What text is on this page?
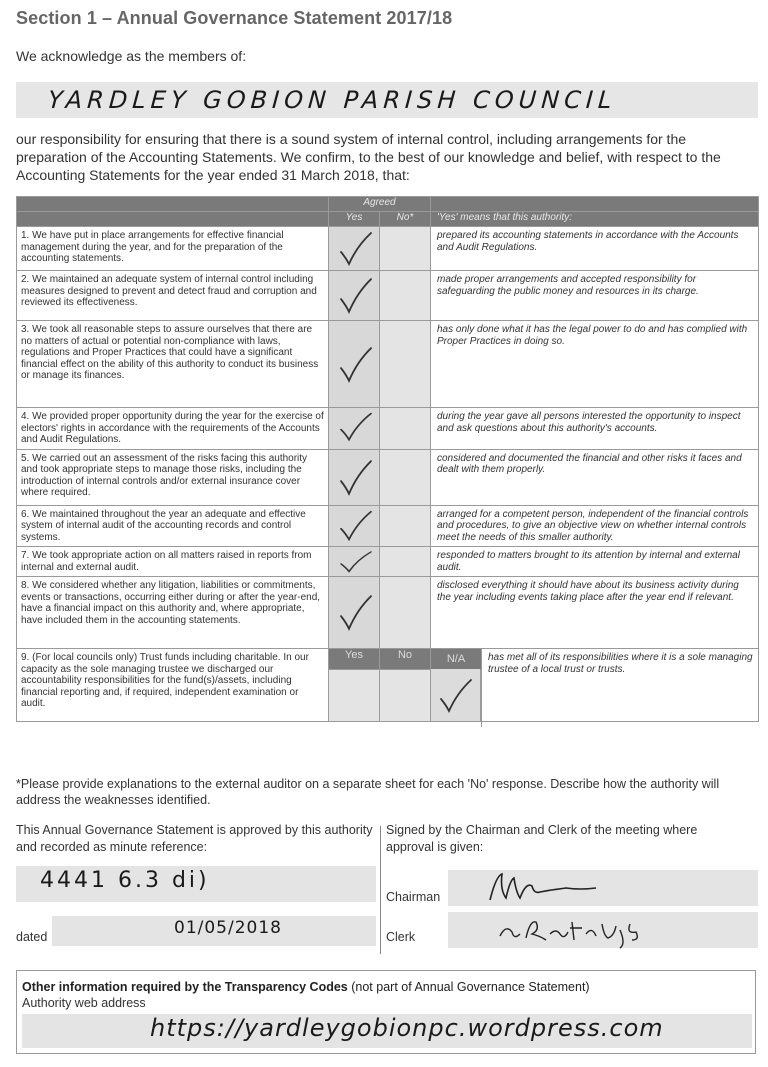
Section 1 – Annual Governance Statement 2017/18
We acknowledge as the members of:
YARDLEY GOBION PARISH COUNCIL
our responsibility for ensuring that there is a sound system of internal control, including arrangements for the preparation of the Accounting Statements. We confirm, to the best of our knowledge and belief, with respect to the Accounting Statements for the year ended 31 March 2018, that:
	Agreed		
	Yes	No*	'Yes' means that this authority:
1. We have put in place arrangements for effective financial management during the year, and for the preparation of the accounting statements.			prepared its accounting statements in accordance with the Accounts and Audit Regulations.
2. We maintained an adequate system of internal control including measures designed to prevent and detect fraud and corruption and reviewed its effectiveness.			made proper arrangements and accepted responsibility for safeguarding the public money and resources in its charge.
3. We took all reasonable steps to assure ourselves that there are no matters of actual or potential non-compliance with laws, regulations and Proper Practices that could have a significant financial effect on the ability of this authority to conduct its business or manage its finances.			has only done what it has the legal power to do and has complied with Proper Practices in doing so.
4. We provided proper opportunity during the year for the exercise of electors' rights in accordance with the requirements of the Accounts and Audit Regulations.			during the year gave all persons interested the opportunity to inspect and ask questions about this authority's accounts.
5. We carried out an assessment of the risks facing this authority and took appropriate steps to manage those risks, including the introduction of internal controls and/or external insurance cover where required.			considered and documented the financial and other risks it faces and dealt with them properly.
6. We maintained throughout the year an adequate and effective system of internal audit of the accounting records and control systems.			arranged for a competent person, independent of the financial controls and procedures, to give an objective view on whether internal controls meet the needs of this smaller authority.
7. We took appropriate action on all matters raised in reports from internal and external audit.			responded to matters brought to its attention by internal and external audit.
8. We considered whether any litigation, liabilities or commitments, events or transactions, occurring either during or after the year-end, have a financial impact on this authority and, where appropriate, have included them in the accounting statements.			disclosed everything it should have about its business activity during the year including events taking place after the year end if relevant.
9. (For local councils only) Trust funds including charitable. In our capacity as the sole managing trustee we discharged our accountability responsibilities for the fund(s)/assets, including financial reporting and, if required, independent examination or audit.	Yes	No	N/A has met all of its responsibilities where it is a sole managing trustee of a local trust or trusts.

*Please provide explanations to the external auditor on a separate sheet for each 'No' response. Describe how the authority will address the weaknesses identified.
This Annual Governance Statement is approved by this authority and recorded as minute reference:
Signed by the Chairman and Clerk of the meeting where approval is given:
4441 6.3 di)
dated	01/05/2018
Chairman
Clerk
Other information required by the Transparency Codes (not part of Annual Governance Statement)
Authority web address
https://yardleygobionpc.wordpress.com
